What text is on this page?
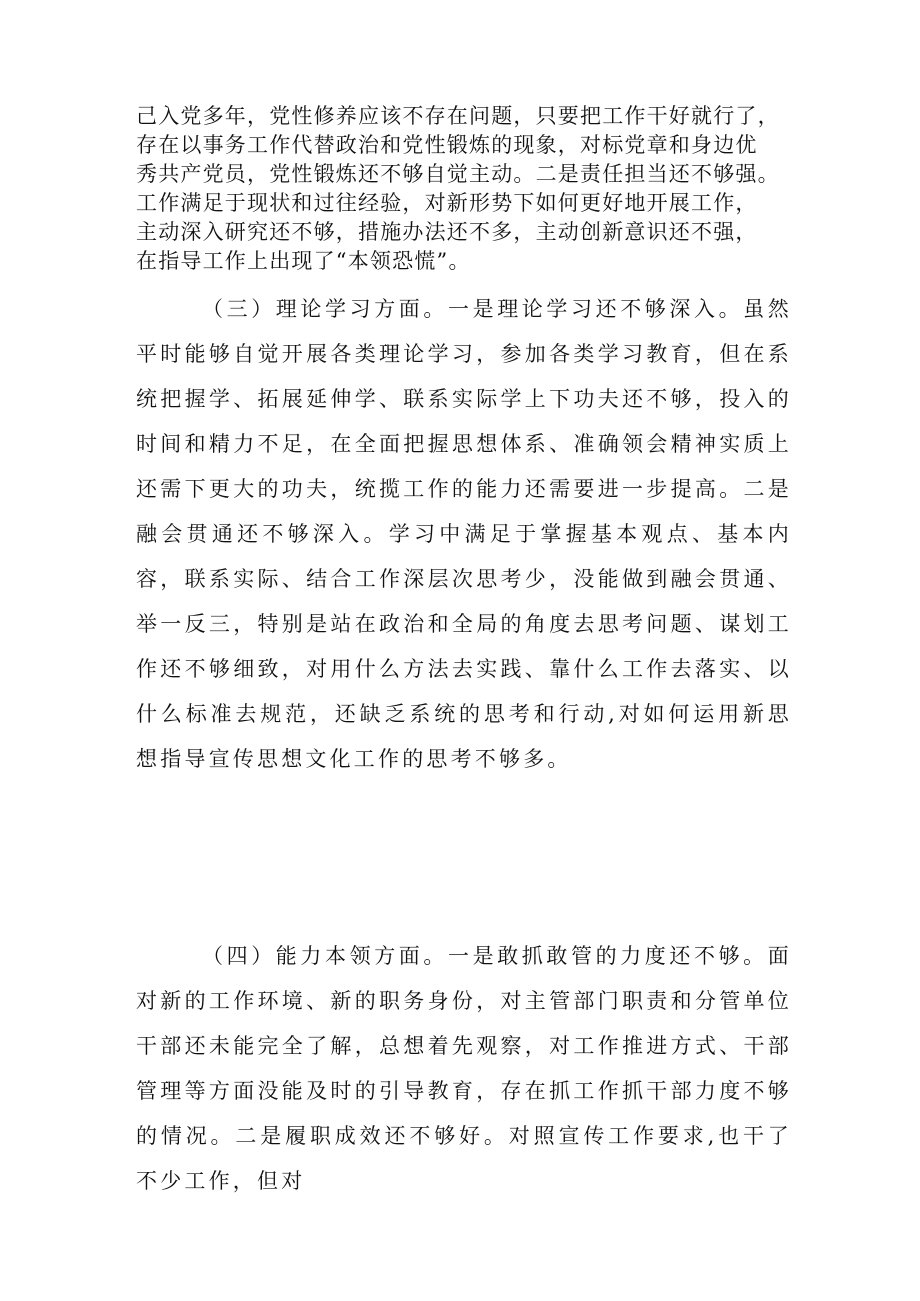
己入党多年，党性修养应该不存在问题，只要把工作干好就行了，
存在以事务工作代替政治和党性锻炼的现象，对标党章和身边优
秀共产党员，党性锻炼还不够自觉主动。二是责任担当还不够强。
工作满足于现状和过往经验，对新形势下如何更好地开展工作，
主动深入研究还不够，措施办法还不多，主动创新意识还不强，
在指导工作上出现了“本领恐慌”。

（三）理论学习方面。一是理论学习还不够深入。虽然平时能够自觉开展各类理论学习，参加各类学习教育，但在系统把握学、拓展延伸学、联系实际学上下功夫还不够，投入的时间和精力不足，在全面把握思想体系、准确领会精神实质上还需下更大的功夫，统揽工作的能力还需要进一步提高。二是融会贯通还不够深入。学习中满足于掌握基本观点、基本内容，联系实际、结合工作深层次思考少，没能做到融会贯通、举一反三，特别是站在政治和全局的角度去思考问题、谋划工作还不够细致，对用什么方法去实践、靠什么工作去落实、以什么标准去规范，还缺乏系统的思考和行动,对如何运用新思想指导宣传思想文化工作的思考不够多。

（四）能力本领方面。一是敢抓敢管的力度还不够。面对新的工作环境、新的职务身份，对主管部门职责和分管单位干部还未能完全了解，总想着先观察，对工作推进方式、干部管理等方面没能及时的引导教育，存在抓工作抓干部力度不够的情况。二是履职成效还不够好。对照宣传工作要求,也干了不少工作，但对
